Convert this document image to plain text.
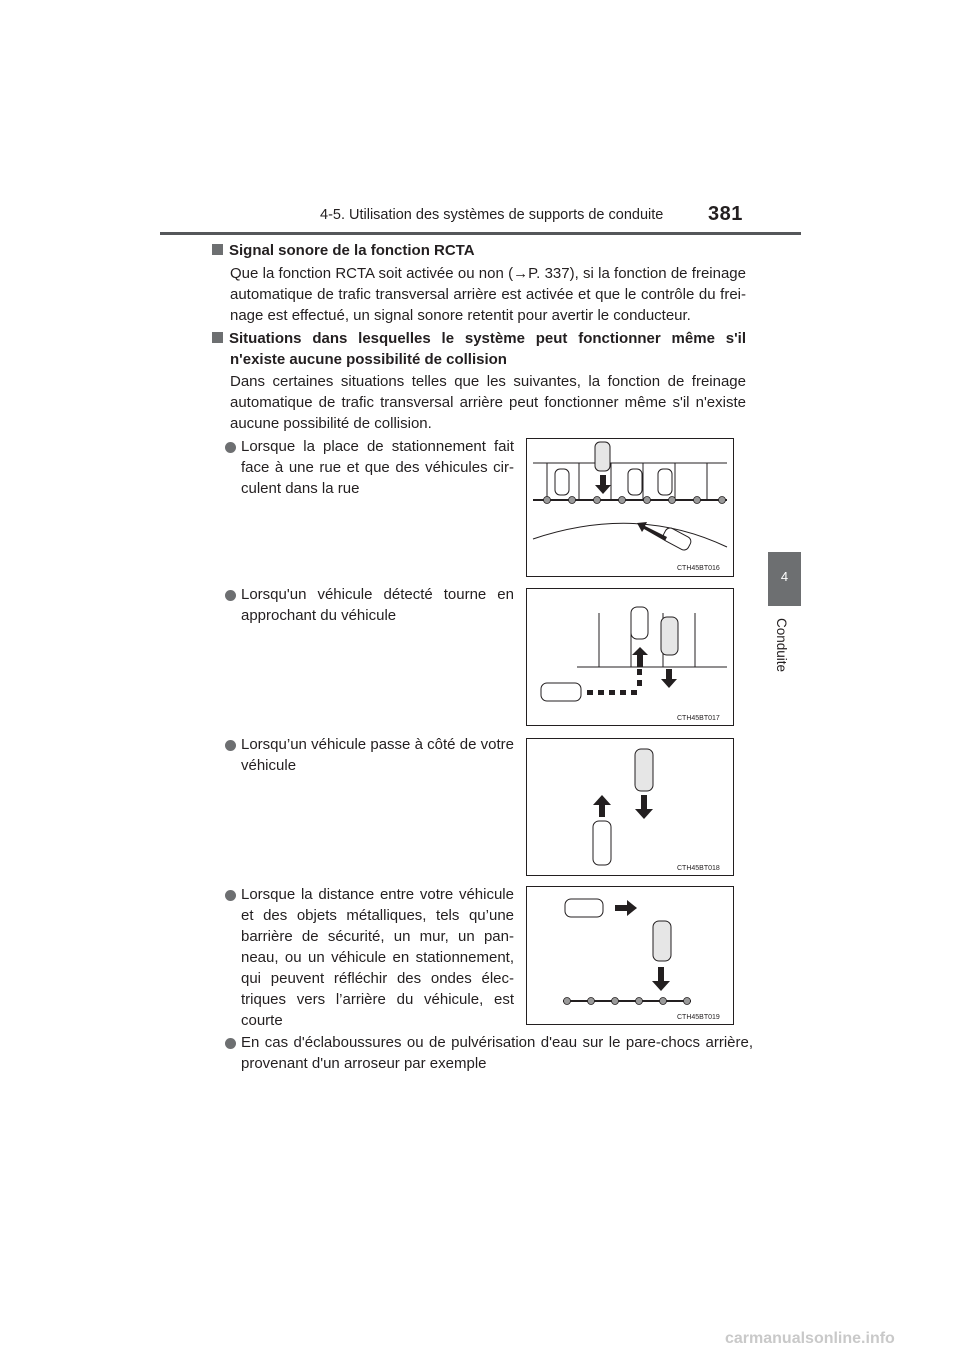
4-5. Utilisation des systèmes de supports de conduite 381
4
Conduite
Signal sonore de la fonction RCTA
Que la fonction RCTA soit activée ou non (→P. 337), si la fonction de freinage automatique de trafic transversal arrière est activée et que le contrôle du frei-nage est effectué, un signal sonore retentit pour avertir le conducteur.
Situations dans lesquelles le système peut fonctionner même s'il
n'existe aucune possibilité de collision
Dans certaines situations telles que les suivantes, la fonction de freinage automatique de trafic transversal arrière peut fonctionner même s'il n'existe aucune possibilité de collision.
Lorsque la place de stationnement fait face à une rue et que des véhicules cir-culent dans la rue
CTH45BT016
Lorsqu'un véhicule détecté tourne en approchant du véhicule
CTH45BT017
Lorsqu’un véhicule passe à côté de votre véhicule
CTH45BT018
Lorsque la distance entre votre véhicule et des objets métalliques, tels qu’une barrière de sécurité, un mur, un pan-neau, ou un véhicule en stationnement, qui peuvent réfléchir des ondes élec-triques vers l’arrière du véhicule, est courte	CTH45BT019
En cas d'éclaboussures ou de pulvérisation d'eau sur le pare-chocs arrière, provenant d'un arroseur par exemple
carmanualsonline.info
